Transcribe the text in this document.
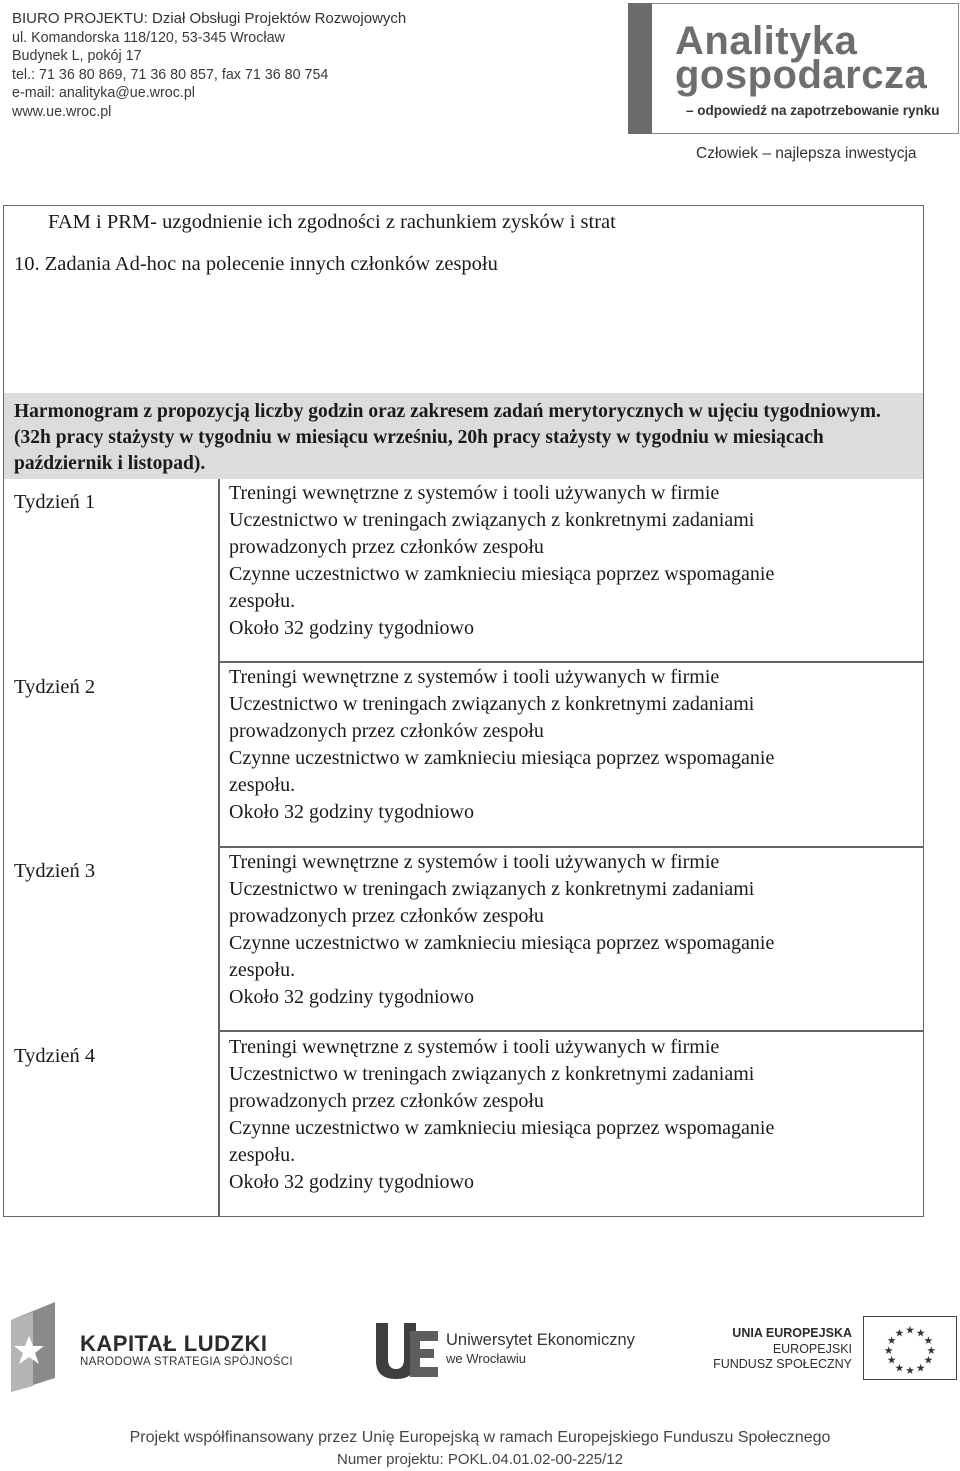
BIURO PROJEKTU: Dział Obsługi Projektów Rozwojowych
ul. Komandorska 118/120, 53-345 Wrocław
Budynek L, pokój 17
tel.: 71 36 80 869, 71 36 80 857, fax 71 36 80 754
e-mail: analityka@ue.wroc.pl
www.ue.wroc.pl
Analityka
gospodarcza
– odpowiedź na zapotrzebowanie rynku
Człowiek – najlepsza inwestycja
FAM i PRM- uzgodnienie ich zgodności z rachunkiem zysków i strat
10. Zadania Ad-hoc na polecenie innych członków zespołu

Harmonogram z propozycją liczby godzin oraz zakresem zadań merytorycznych w ujęciu tygodniowym. (32h pracy stażysty w tygodniu w miesiącu wrześniu, 20h pracy stażysty w tygodniu w miesiącach październik i listopad).

Tydzień 1	Treningi wewnętrzne z systemów i tooli używanych w firmie
Uczestnictwo w treningach związanych z konkretnymi zadaniami
prowadzonych przez członków zespołu
Czynne uczestnictwo w zamknieciu miesiąca poprzez wspomaganie
zespołu.
Około 32 godziny tygodniowo
Tydzień 2	Treningi wewnętrzne z systemów i tooli używanych w firmie
Uczestnictwo w treningach związanych z konkretnymi zadaniami
prowadzonych przez członków zespołu
Czynne uczestnictwo w zamknieciu miesiąca poprzez wspomaganie
zespołu.
Około 32 godziny tygodniowo
Tydzień 3	Treningi wewnętrzne z systemów i tooli używanych w firmie
Uczestnictwo w treningach związanych z konkretnymi zadaniami
prowadzonych przez członków zespołu
Czynne uczestnictwo w zamknieciu miesiąca poprzez wspomaganie
zespołu.
Około 32 godziny tygodniowo
Tydzień 4	Treningi wewnętrzne z systemów i tooli używanych w firmie
Uczestnictwo w treningach związanych z konkretnymi zadaniami
prowadzonych przez członków zespołu
Czynne uczestnictwo w zamknieciu miesiąca poprzez wspomaganie
zespołu.
Około 32 godziny tygodniowo
KAPITAŁ LUDZKI
NARODOWA STRATEGIA SPÓJNOŚCI
Uniwersytet Ekonomiczny
we Wrocławiu
UNIA EUROPEJSKA
EUROPEJSKI
FUNDUSZ SPOŁECZNY
★ ★
★
★
★
★
★
★
★
★
★
★
Projekt współfinansowany przez Unię Europejską w ramach Europejskiego Funduszu Społecznego
Numer projektu: POKL.04.01.02-00-225/12
